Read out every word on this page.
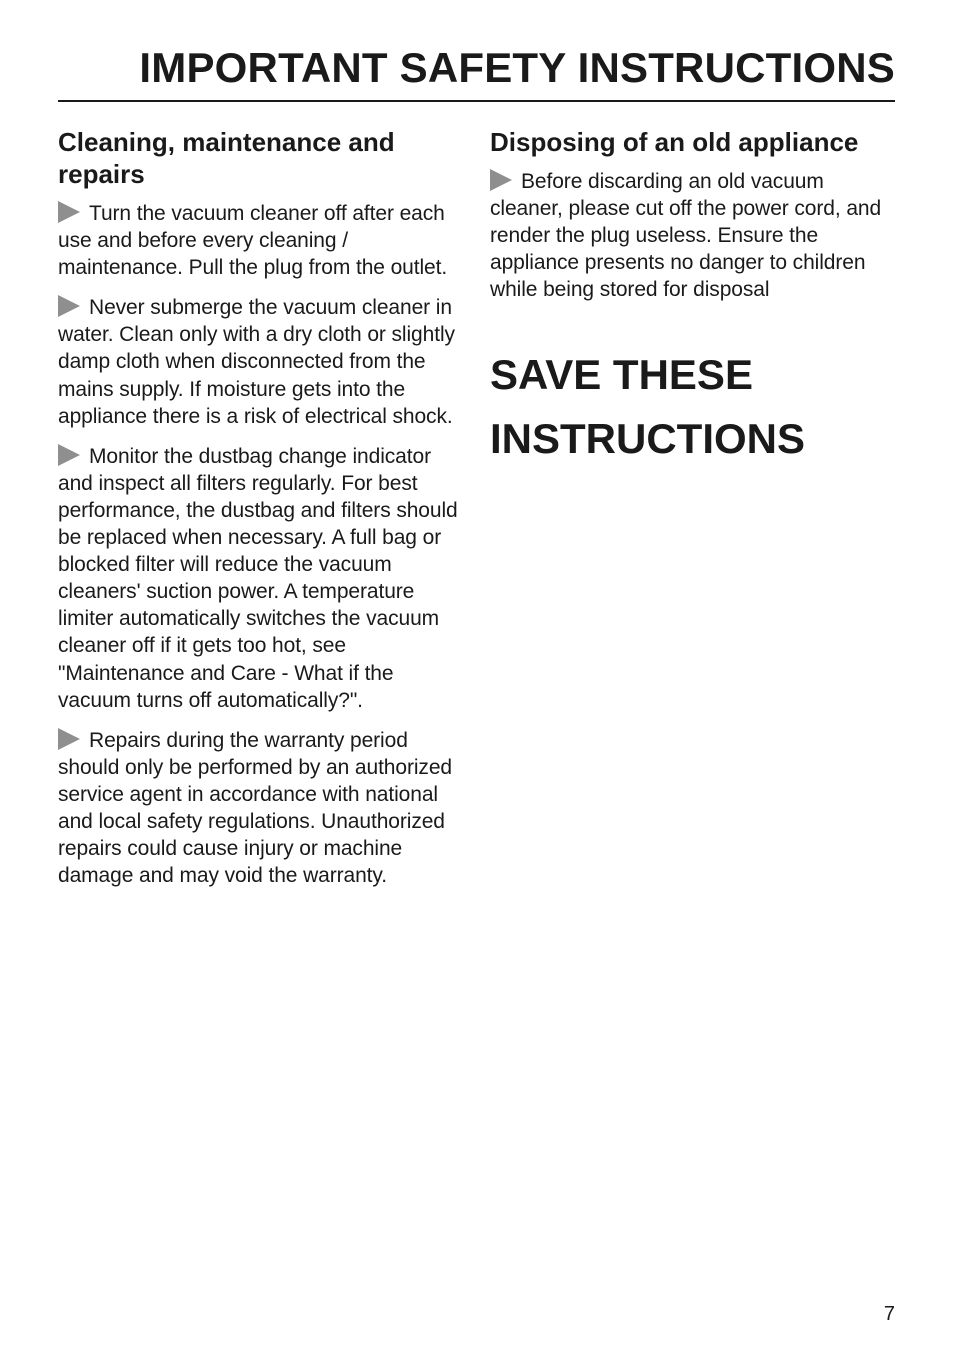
IMPORTANT SAFETY INSTRUCTIONS
Cleaning, maintenance and repairs

Turn the vacuum cleaner off after each use and before every cleaning / maintenance. Pull the plug from the outlet.

Never submerge the vacuum cleaner in water. Clean only with a dry cloth or slightly damp cloth when disconnected from the mains supply. If moisture gets into the appliance there is a risk of electrical shock.

Monitor the dustbag change indicator and inspect all filters regularly. For best performance, the dustbag and filters should be replaced when necessary. A full bag or blocked filter will reduce the vacuum cleaners' suction power. A temperature limiter automatically switches the vacuum cleaner off if it gets too hot, see "Maintenance and Care - What if the vacuum turns off automatically?".

Repairs during the warranty period should only be performed by an authorized service agent in accordance with national and local safety regulations. Unauthorized repairs could cause injury or machine damage and may void the warranty.

Disposing of an old appliance

Before discarding an old vacuum cleaner, please cut off the power cord, and render the plug useless. Ensure the appliance presents no danger to children while being stored for disposal

SAVE THESE
INSTRUCTIONS
7
